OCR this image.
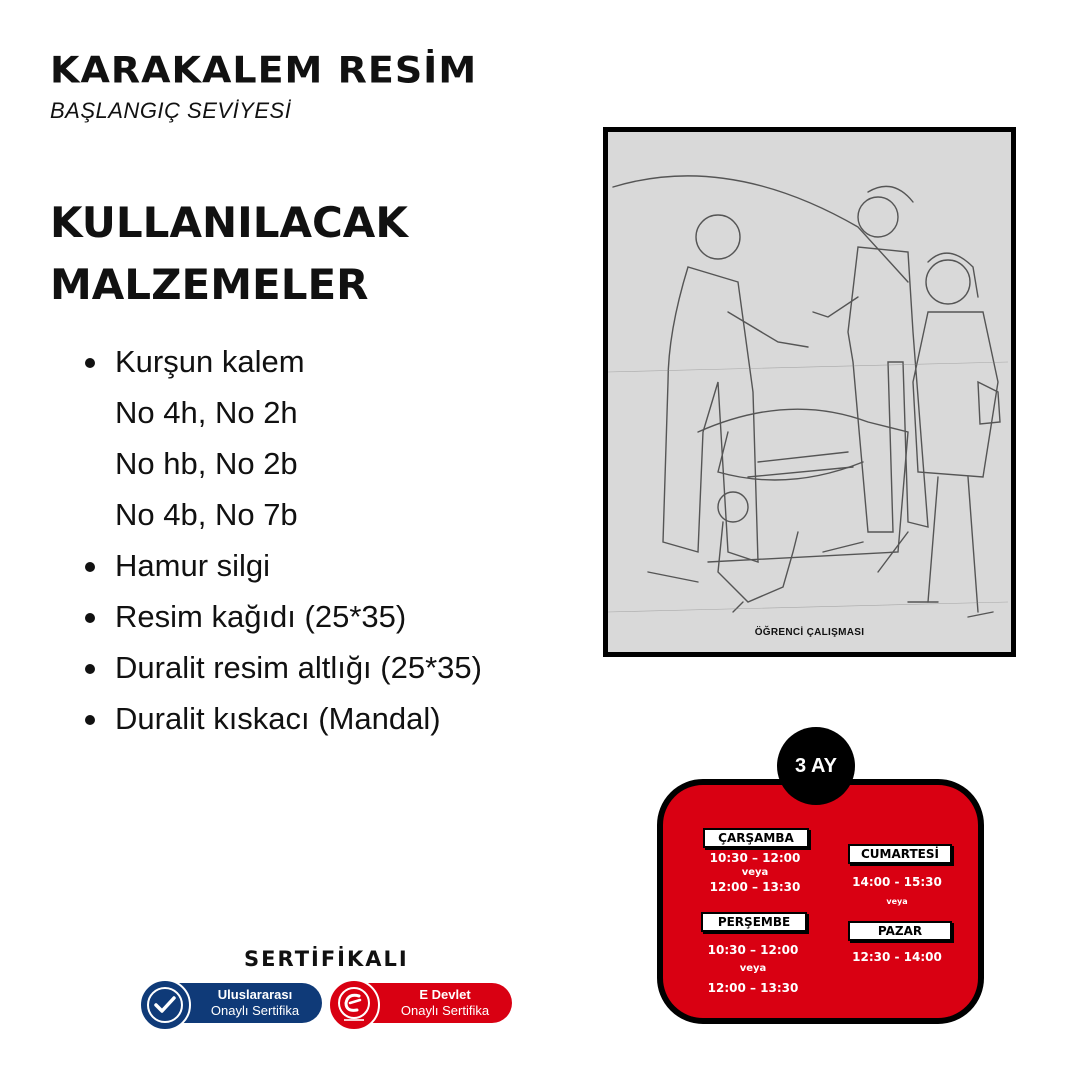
KARAKALEM RESİM
BAŞLANGIÇ SEVİYESİ
KULLANILACAK
MALZEMELER
Kurşun kalem
No 4h, No 2h
No hb, No 2b
No 4b, No 7b
Hamur silgi
Resim kağıdı (25*35)
Duralit resim altlığı (25*35)
Duralit kıskacı (Mandal)
ÖĞRENCİ ÇALIŞMASI
ÇARŞAMBA
10:30 – 12:00
veya
12:00 – 13:30
PERŞEMBE
10:30 – 12:00
veya
12:00 – 13:30
CUMARTESİ
14:00 - 15:30
veya
PAZAR
12:30 - 14:00
3 AY
SERTİFİKALI
Uluslararası
Onaylı Sertifika
E Devlet
Onaylı Sertifika
